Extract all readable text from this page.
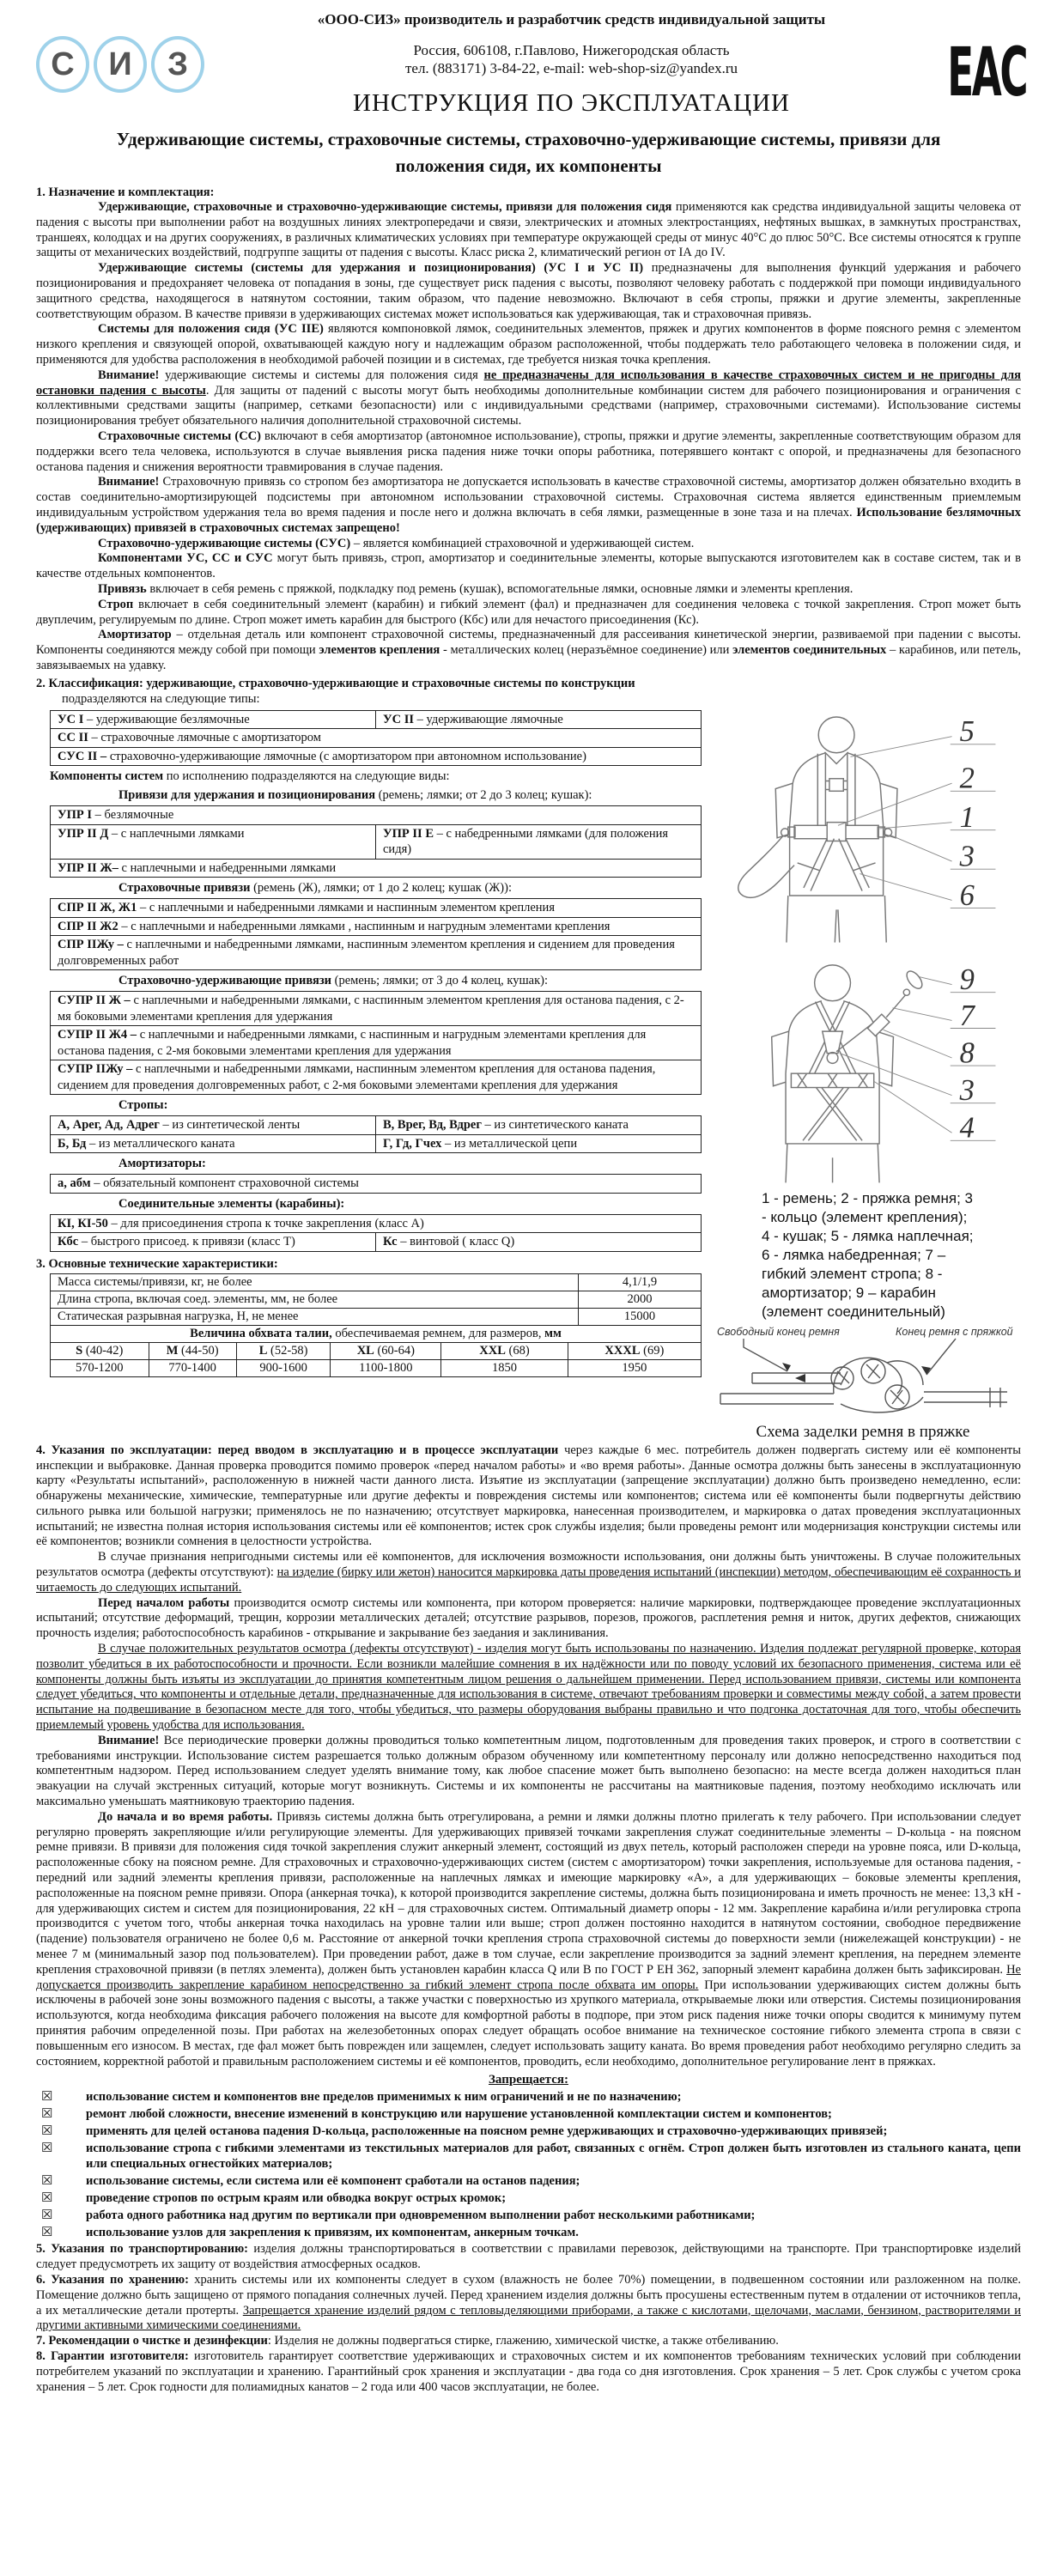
С И З
«ООО-СИЗ» производитель и разработчик средств индивидуальной защиты
Россия, 606108, г.Павлово, Нижегородская область
тел. (883171) 3-84-22, e-mail: web-shop-siz@yandex.ru
ИНСТРУКЦИЯ ПО ЭКСПЛУАТАЦИИ	EAC
Удерживающие системы, страховочные системы, страховочно-удерживающие системы, привязи для положения сидя, их компоненты
1. Назначение и комплектация:

Удерживающие, страховочные и страховочно-удерживающие системы, привязи для положения сидя применяются как средства индивидуальной защиты человека от падения с высоты при выполнении работ на воздушных линиях электропередачи и связи, электрических и атомных электростанциях, нефтяных вышках, в замкнутых пространствах, траншеях, колодцах и на других сооружениях, в различных климатических условиях при температуре окружающей среды от минус 40°С до плюс 50°С. Все системы относятся к группе защиты от механических воздействий, подгруппе защиты от падения с высоты. Класс риска 2, климатический регион от IА до IV.

Удерживающие системы (системы для удержания и позиционирования) (УС I и УС II) предназначены для выполнения функций удержания и рабочего позиционирования и предохраняет человека от попадания в зоны, где существует риск падения с высоты, позволяют человеку работать с поддержкой при помощи индивидуального защитного средства, находящегося в натянутом состоянии, таким образом, что падение невозможно. Включают в себя стропы, пряжки и другие элементы, закрепленные соответствующим образом. В качестве привязи в удерживающих системах может использоваться как удерживающая, так и страховочная привязь.

Системы для положения сидя (УС IIЕ) являются компоновкой лямок, соединительных элементов, пряжек и других компонентов в форме поясного ремня с элементом низкого крепления и связующей опорой, охватывающей каждую ногу и надлежащим образом расположенной, чтобы поддержать тело работающего человека в положении сидя, и применяются для удобства расположения в необходимой рабочей позиции и в системах, где требуется низкая точка крепления.

Внимание! удерживающие системы и системы для положения сидя не предназначены для использования в качестве страховочных систем и не пригодны для остановки падения с высоты. Для защиты от падений с высоты могут быть необходимы дополнительные комбинации систем для рабочего позиционирования и ограничения с коллективными средствами защиты (например, сетками безопасности) или с индивидуальными средствами (например, страховочными системами). Использование системы позиционирования требует обязательного наличия дополнительной страховочной системы.

Страховочные системы (СС) включают в себя амортизатор (автономное использование), стропы, пряжки и другие элементы, закрепленные соответствующим образом для поддержки всего тела человека, используются в случае выявления риска падения ниже точки опоры работника, потерявшего контакт с опорой, и предназначены для безопасного останова падения и снижения вероятности травмирования в случае падения.

Внимание! Страховочную привязь со стропом без амортизатора не допускается использовать в качестве страховочной системы, амортизатор должен обязательно входить в состав соединительно-амортизирующей подсистемы при автономном использовании страховочной системы. Страховочная система является единственным приемлемым индивидуальным устройством удержания тела во время падения и после него и должна включать в себя лямки, размещенные в зоне таза и на плечах. Использование безлямочных (удерживающих) привязей в страховочных системах запрещено!

Страховочно-удерживающие системы (СУС) – является комбинацией страховочной и удерживающей систем.

Компонентами УС, СС и СУС могут быть привязь, строп, амортизатор и соединительные элементы, которые выпускаются изготовителем как в составе систем, так и в качестве отдельных компонентов.

Привязь включает в себя ремень с пряжкой, подкладку под ремень (кушак), вспомогательные лямки, основные лямки и элементы крепления.

Строп включает в себя соединительный элемент (карабин) и гибкий элемент (фал) и предназначен для соединения человека с точкой закрепления. Строп может быть двуплечим, регулируемым по длине. Строп может иметь карабин для быстрого (Кбс) или для нечастого присоединения (Кс).

Амортизатор – отдельная деталь или компонент страховочной системы, предназначенный для рассеивания кинетической энергии, развиваемой при падении с высоты. Компоненты соединяются между собой при помощи элементов крепления - металлических колец (неразъёмное соединение) или элементов соединительных – карабинов, или петель, завязываемых на удавку.

2. Классификация: удерживающие, страховочно-удерживающие и страховочные системы по конструкции
подразделяются на следующие типы:
УС I – удерживающие безлямочные	УС II – удерживающие лямочные
СС II – страховочные лямочные с амортизатором
СУС II – страховочно-удерживающие лямочные (с амортизатором при автономном использование)
Компоненты систем по исполнению подразделяются на следующие виды:
Привязи для удержания и позиционирования (ремень; лямки; от 2 до 3 колец; кушак):
УПР I – безлямочные
УПР II Д – с наплечными лямками	УПР II Е – с набедренными лямками (для положения сидя)
УПР II Ж– с наплечными и набедренными лямками
Страховочные привязи (ремень (Ж), лямки; от 1 до 2 колец; кушак (Ж)):
СПР II Ж, Ж1 – с наплечными и набедренными лямками и наспинным элементом крепления
СПР II Ж2 – с наплечными и набедренными лямками , наспинным и нагрудным элементами крепления
СПР IIЖу – с наплечными и набедренными лямками, наспинным элементом крепления и сидением для проведения долговременных работ
Страховочно-удерживающие привязи (ремень; лямки; от 3 до 4 колец, кушак):
СУПР II Ж – с наплечными и набедренными лямками, с наспинным элементом крепления для останова падения, с 2-мя боковыми элементами крепления для удержания
СУПР II Ж4 – с наплечными и набедренными лямками, с наспинным и нагрудным элементами крепления для останова падения, с 2-мя боковыми элементами крепления для удержания
СУПР IIЖу – с наплечными и набедренными лямками, наспинным элементом крепления для останова падения, сидением для проведения долговременных работ, с 2-мя боковыми элементами крепления для удержания
Стропы:
А, Арег, Ад, Адрег – из синтетической ленты	В, Врег, Вд, Вдрег – из синтетического каната
Б, Бд – из металлического каната	Г, Гд, Гчех – из металлической цепи
Амортизаторы:
а, абм – обязательный компонент страховочной системы
Соединительные элементы (карабины):
КI, КI-50 – для присоединения стропа к точке закрепления (класс А)
Кбс – быстрого присоед. к привязи (класс Т)	Кс – винтовой ( класс Q)
3. Основные технические характеристики:
Масса системы/привязи, кг, не более	4,1/1,9
Длина стропа, включая соед. элементы, мм, не более	2000
Статическая разрывная нагрузка, Н, не менее	15000
Величина обхвата талии, обеспечиваемая ремнем, для размеров, мм
S (40-42)	M (44-50)	L (52-58)	XL (60-64)	XXL (68)	XXXL (69)
570-1200	770-1400	900-1600	1100-1800	1850	1950
5
2
1
3
6
9
7
8
3
4
1 - ремень; 2 - пряжка ремня; 3 - кольцо (элемент крепления); 4 - кушак; 5 - лямка наплечная; 6 - лямка набедренная; 7 – гибкий элемент стропа; 8 - амортизатор; 9 – карабин (элемент соединительный)
Свободный конец ремня	Конец ремня с пряжкой
Схема заделки ремня в пряжке

4. Указания по эксплуатации: перед вводом в эксплуатацию и в процессе эксплуатации через каждые 6 мес. потребитель должен подвергать систему или её компоненты инспекции и выбраковке. Данная проверка проводится помимо проверок «перед началом работы» и «во время работы». Данные осмотра должны быть занесены в эксплуатационную карту «Результаты испытаний», расположенную в нижней части данного листа. Изъятие из эксплуатации (запрещение эксплуатации) должно быть произведено немедленно, если: обнаружены механические, химические, температурные или другие дефекты и повреждения системы или компонентов; система или её компоненты были подвергнуты действию сильного рывка или большой нагрузки; применялось не по назначению; отсутствует маркировка, нанесенная производителем, и маркировка о датах проведения эксплуатационных испытаний; не известна полная история использования системы или её компонентов; истек срок службы изделия; были проведены ремонт или модернизация конструкции системы или её компонентов; возникли сомнения в целостности устройства.

В случае признания непригодными системы или её компонентов, для исключения возможности использования, они должны быть уничтожены. В случае положительных результатов осмотра (дефекты отсутствуют): на изделие (бирку или жетон) наносится маркировка даты проведения испытаний (инспекции) методом, обеспечивающим её сохранность и читаемость до следующих испытаний.

Перед началом работы производится осмотр системы или компонента, при котором проверяется: наличие маркировки, подтверждающее проведение эксплуатационных испытаний; отсутствие деформаций, трещин, коррозии металлических деталей; отсутствие разрывов, порезов, прожогов, расплетения ремня и ниток, других дефектов, снижающих прочность изделия; работоспособность карабинов - открывание и закрывание без заедания и заклинивания.

В случае положительных результатов осмотра (дефекты отсутствуют) - изделия могут быть использованы по назначению. Изделия подлежат регулярной проверке, которая позволит убедиться в их работоспособности и прочности. Если возникли малейшие сомнения в их надёжности или по поводу условий их безопасного применения, система или её компоненты должны быть изъяты из эксплуатации до принятия компетентным лицом решения о дальнейшем применении. Перед использованием привязи, системы или компонента следует убедиться, что компоненты и отдельные детали, предназначенные для использования в системе, отвечают требованиям проверки и совместимы между собой, а затем провести испытание на подвешивание в безопасном месте для того, чтобы убедиться, что размеры оборудования выбраны правильно и что подгонка достаточная для того, чтобы обеспечить приемлемый уровень удобства для использования.

Внимание! Все периодические проверки должны проводиться только компетентным лицом, подготовленным для проведения таких проверок, и строго в соответствии с требованиями инструкции. Использование систем разрешается только должным образом обученному или компетентному персоналу или должно непосредственно находиться под компетентным надзором. Перед использованием следует уделять внимание тому, как любое спасение может быть выполнено безопасно: на месте всегда должен находиться план эвакуации на случай экстренных ситуаций, которые могут возникнуть. Системы и их компоненты не рассчитаны на маятниковые падения, поэтому необходимо исключать или максимально уменьшать маятниковую траекторию падения.

До начала и во время работы. Привязь системы должна быть отрегулирована, а ремни и лямки должны плотно прилегать к телу рабочего. При использовании следует регулярно проверять закрепляющие и/или регулирующие элементы. Для удерживающих привязей точками закрепления служат соединительные элементы – D-кольца - на поясном ремне привязи. В привязи для положения сидя точкой закрепления служит анкерный элемент, состоящий из двух петель, который расположен спереди на уровне пояса, или D-кольца, расположенные сбоку на поясном ремне. Для страховочных и страховочно-удерживающих систем (систем с амортизатором) точки закрепления, используемые для останова падения, - передний или задний элементы крепления привязи, расположенные на наплечных лямках и имеющие маркировку «А», а для удерживающих – боковые элементы крепления, расположенные на поясном ремне привязи. Опора (анкерная точка), к которой производится закрепление системы, должна быть позиционирована и иметь прочность не менее: 13,3 кН - для удерживающих систем и систем для позиционирования, 22 кН – для страховочных систем. Оптимальный диаметр опоры - 12 мм. Закрепление карабина и/или регулировка стропа производится с учетом того, чтобы анкерная точка находилась на уровне талии или выше; строп должен постоянно находится в натянутом состоянии, свободное передвижение (падение) пользователя ограничено не более 0,6 м. Расстояние от анкерной точки крепления стропа страховочной системы до поверхности земли (нижележащей конструкции) - не менее 7 м (минимальный зазор под пользователем). При проведении работ, даже в том случае, если закрепление производится за задний элемент крепления, на переднем элементе крепления страховочной привязи (в петлях элемента), должен быть установлен карабин класса Q или В по ГОСТ Р ЕН 362, запорный элемент карабина должен быть зафиксирован. Не допускается производить закрепление карабином непосредственно за гибкий элемент стропа после обхвата им опоры. При использовании удерживающих систем должны быть исключены в рабочей зоне зоны возможного падения с высоты, а также участки с поверхностью из хрупкого материала, открываемые люки или отверстия. Системы позиционирования используются, когда необходима фиксация рабочего положения на высоте для комфортной работы в подпоре, при этом риск падения ниже точки опоры сводится к минимуму путем принятия рабочим определенной позы. При работах на железобетонных опорах следует обращать особое внимание на техническое состояние гибкого элемента стропа в связи с повышенным его износом. В местах, где фал может быть поврежден или защемлен, следует использовать защиту каната. Во время проведения работ необходимо регулярно следить за состоянием, корректной работой и правильным расположением системы и её компонентов, проводить, если необходимо, дополнительное регулирование лент в пряжках.

Запрещается:
☒	использование систем и компонентов вне пределов применимых к ним ограничений и не по назначению;
☒	ремонт любой сложности, внесение изменений в конструкцию или нарушение установленной комплектации систем и компонентов;
☒	применять для целей останова падения D-кольца, расположенные на поясном ремне удерживающих и страховочно-удерживающих привязей;
☒	использование стропа с гибкими элементами из текстильных материалов для работ, связанных с огнём. Строп должен быть изготовлен из стального каната, цепи или специальных огнестойких материалов;
☒	использование системы, если система или её компонент сработали на останов падения;
☒	проведение стропов по острым краям или обводка вокруг острых кромок;
☒	работа одного работника над другим по вертикали при одновременном выполнении работ несколькими работниками;
☒	использование узлов для закрепления к привязям, их компонентам, анкерным точкам.

5. Указания по транспортированию: изделия должны транспортироваться в соответствии с правилами перевозок, действующими на транспорте. При транспортировке изделий следует предусмотреть их защиту от воздействия атмосферных осадков.

6. Указания по хранению: хранить системы или их компоненты следует в сухом (влажность не более 70%) помещении, в подвешенном состоянии или разложенном на полке. Помещение должно быть защищено от прямого попадания солнечных лучей. Перед хранением изделия должны быть просушены естественным путем в отдалении от источников тепла, а их металлические детали протерты. Запрещается хранение изделий рядом с тепловыделяющими приборами, а также с кислотами, щелочами, маслами, бензином, растворителями и другими активными химическими соединениями.

7. Рекомендации о чистке и дезинфекции: Изделия не должны подвергаться стирке, глажению, химической чистке, а также отбеливанию.

8. Гарантии изготовителя: изготовитель гарантирует соответствие удерживающих и страховочных систем и их компонентов требованиям технических условий при соблюдении потребителем указаний по эксплуатации и хранению. Гарантийный срок хранения и эксплуатации - два года со дня изготовления. Срок хранения – 5 лет. Срок службы с учетом срока хранения – 5 лет. Срок годности для полиамидных канатов – 2 года или 400 часов эксплуатации, не более.
